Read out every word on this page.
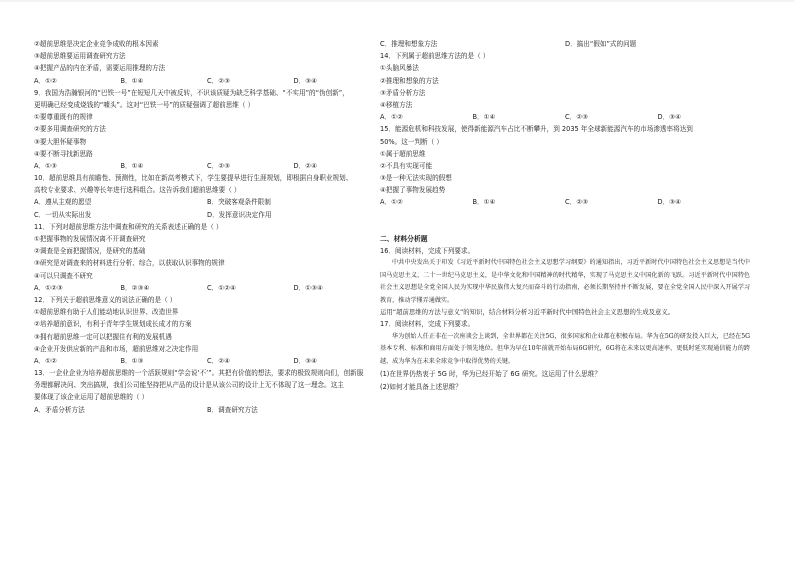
②超前思维是决定企业竞争成败的根本因素
③超前思维要运用调查研究方法
④把握产品的内在矛盾，需要运用推理的方法
A．①②	B．①④	C．②③	D．③④
9．我国为浩瀚银河的“巴铁一号”在短短几天中被反转，不识该质疑为缺乏科学基础、“不实用”的“伪创新”，
更明确已经变成烧钱的“噱头”。这对“巴铁一号”的质疑强调了超前思维（ ）
①要尊重既有的规律
②要多用调查研究的方法
③要大胆怀疑事物
④要不断寻找新思路
A．①③	B．①④	C．②③	D．②④
10．超前思维具有前瞻性、预测性，比如在新高考模式下，学生要提早进行生涯规划，即根据自身职业规划、
高校专业要求、兴趣等长年进行选科组合。这告诉我们超前思维要（ ）
A．遵从主观的愿望	B．突破客观条件限制
C．一切从实际出发	D．发挥意识决定作用
11．下列对超前思维方法中调查和研究的关系表述正确的是（ ）
①把握事物的发展情况离不开调查研究
②调查是全面把握情况，是研究的基础
③研究是对调查来的材料进行分析、综合，以获取认识事物的规律
④可以只调查不研究
A．①②③	B．②③④	C．①②④	D．①③④
12．下列关于超前思维意义的说法正确的是（ ）
①超前思维有助于人们能动地认识世界、改造世界
②培养超前意识，有利于青年学生规划成长成才的方案
③拥有超前思维一定可以把握住有利的发展机遇
④企业开发供应新的产品和市场，超前思维对之决定作用
A．①②	B．①③	C．②④	D．③④
13．一企业企业为培养超前思维的一个活跃规则“学会说‘不’”。其把有价值的想法，要求的极致规则向们，创新服
务理都解决问、突出搞规，我们公司能坚持把从产品的设计是从该公司的设计上无不体现了这一理念。这主
要体现了该企业运用了超前思维的（ ）
A．矛盾分析方法	B．调查研究方法
C．推理和想象方法	D．搞出“假如”式的问题
14．下列属于超前思维方法的是（ ）
①头脑风暴法
②推理和想象的方法
③矛盾分析方法
④移植方法
A．①②	B．①④	C．②③	D．③④
15．能源危机和科技发展，使得新能源汽车占比不断攀升，到 2035 年全球新能源汽车的市场渗透率将达到
50%。这一判断（ ）
①属于超前思维
②不具有实现可能
③是一种无法实现的假想
④把握了事物发展趋势
A．①②	B．①④	C．②③	D．③④
二、材料分析题
16．阅读材料，完成下列要求。
中共中央发出关于印发《习近平新时代中国特色社会主义思想学习纲要》的通知指出，习近平新时代中国特色社会主义思想是当代中国马克思主义、二十一世纪马克思主义，是中华文化和中国精神的时代精华，实现了马克思主义中国化新的飞跃。习近平新时代中国特色社会主义思想是全党全国人民为实现中华民族伟大复兴而奋斗的行动指南，必须长期坚持并不断发展，要在全党全国人民中深入开展学习教育，推动学懂弄通做实。
运用“超前思维的方法与意义”的知识，结合材料分析习近平新时代中国特色社会主义思想的生成及意义。
17．阅读材料，完成下列要求。
华为创始人任正非在一次座谈会上谈到，全世界都在关注5G，很多国家和企业都在积极布局。华为在5G的研发投入巨大，已经在5G基本专利、标准和商用方面处于领先地位。但华为早在10年前就开始布局6G研究，6G将在未来以更高速率、更低时延实现通信能力的跨越，成为华为在未来全球竞争中取得优势的关键。
(1)在世界仍热衷于 5G 时，华为已经开始了 6G 研究。这运用了什么思维？
(2)如何才能具备上述思维？
